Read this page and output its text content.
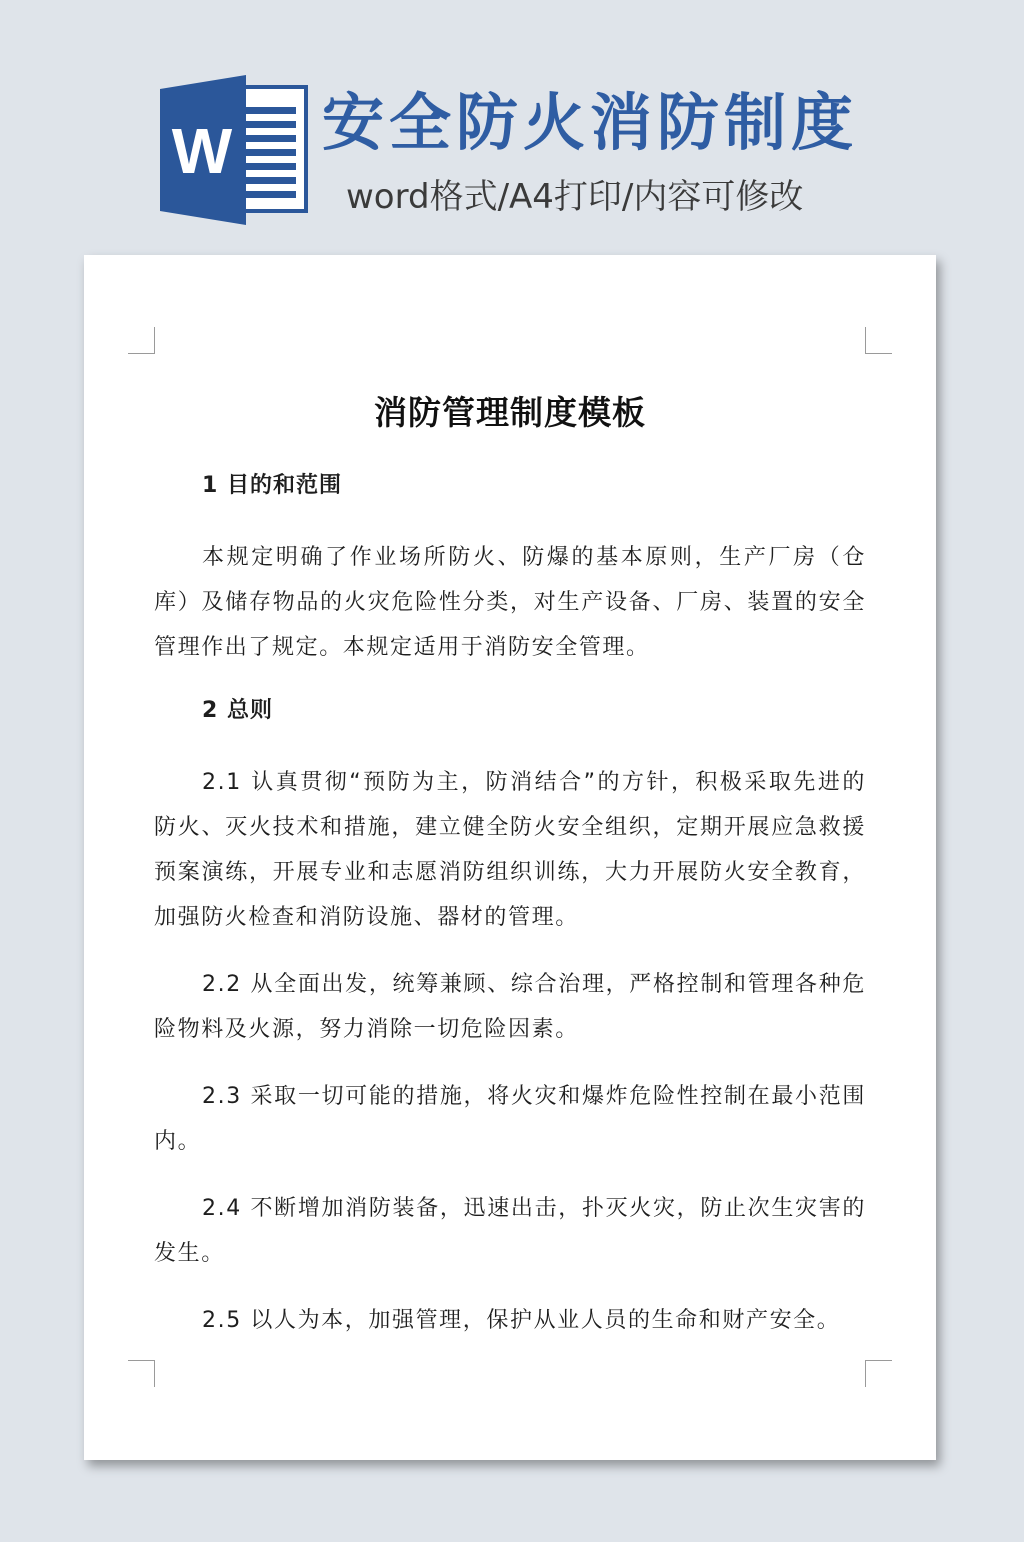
W 安全防火消防制度
word格式/A4打印/内容可修改
消防管理制度模板
1 目的和范围

本规定明确了作业场所防火、防爆的基本原则，生产厂房（仓库）及储存物品的火灾危险性分类，对生产设备、厂房、装置的安全管理作出了规定。本规定适用于消防安全管理。

2 总则

2.1 认真贯彻“预防为主，防消结合”的方针，积极采取先进的防火、灭火技术和措施，建立健全防火安全组织，定期开展应急救援预案演练，开展专业和志愿消防组织训练，大力开展防火安全教育，加强防火检查和消防设施、器材的管理。

2.2 从全面出发，统筹兼顾、综合治理，严格控制和管理各种危险物料及火源，努力消除一切危险因素。

2.3 采取一切可能的措施，将火灾和爆炸危险性控制在最小范围内。

2.4 不断增加消防装备，迅速出击，扑灭火灾，防止次生灾害的发生。

2.5 以人为本，加强管理，保护从业人员的生命和财产安全。
